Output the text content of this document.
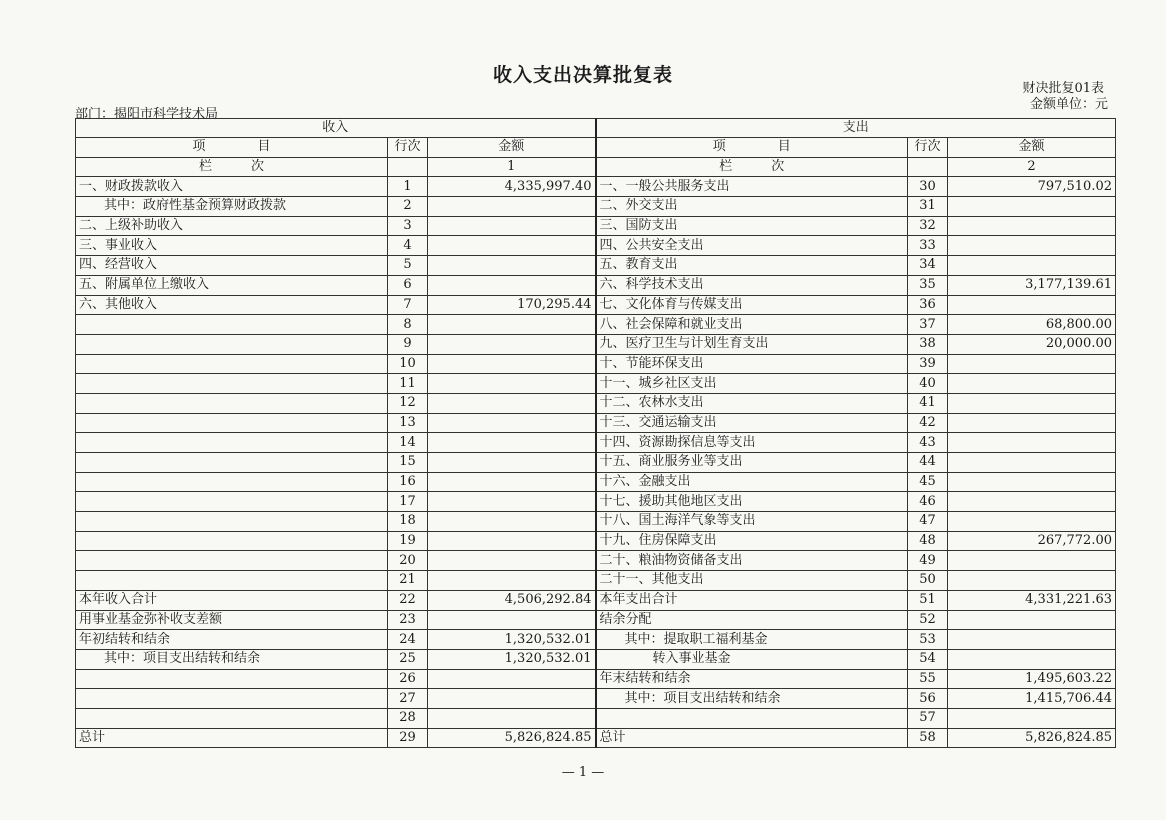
收入支出决算批复表
财决批复01表
金额单位：元
部门：揭阳市科学技术局
收入			支出		
项　　　　目	行次	金额	项　　　　目	行次	金额
栏　　　次		1	栏　　　次		2
一、财政拨款收入	1	4,335,997.40	一、一般公共服务支出	30	797,510.02
其中：政府性基金预算财政拨款	2		二、外交支出	31	
二、上级补助收入	3		三、国防支出	32	
三、事业收入	4		四、公共安全支出	33	
四、经营收入	5		五、教育支出	34	
五、附属单位上缴收入	6		六、科学技术支出	35	3,177,139.61
六、其他收入	7	170,295.44	七、文化体育与传媒支出	36	
	8		八、社会保障和就业支出	37	68,800.00
	9		九、医疗卫生与计划生育支出	38	20,000.00
	10		十、节能环保支出	39	
	11		十一、城乡社区支出	40	
	12		十二、农林水支出	41	
	13		十三、交通运输支出	42	
	14		十四、资源勘探信息等支出	43	
	15		十五、商业服务业等支出	44	
	16		十六、金融支出	45	
	17		十七、援助其他地区支出	46	
	18		十八、国土海洋气象等支出	47	
	19		十九、住房保障支出	48	267,772.00
	20		二十、粮油物资储备支出	49	
	21		二十一、其他支出	50	
本年收入合计	22	4,506,292.84	本年支出合计	51	4,331,221.63
用事业基金弥补收支差额	23		结余分配	52	
年初结转和结余	24	1,320,532.01	其中：提取职工福利基金	53	
其中：项目支出结转和结余	25	1,320,532.01	转入事业基金	54	
	26		年末结转和结余	55	1,495,603.22
	27		其中：项目支出结转和结余	56	1,415,706.44
	28			57	
总计	29	5,826,824.85	总计	58	5,826,824.85
— 1 —
